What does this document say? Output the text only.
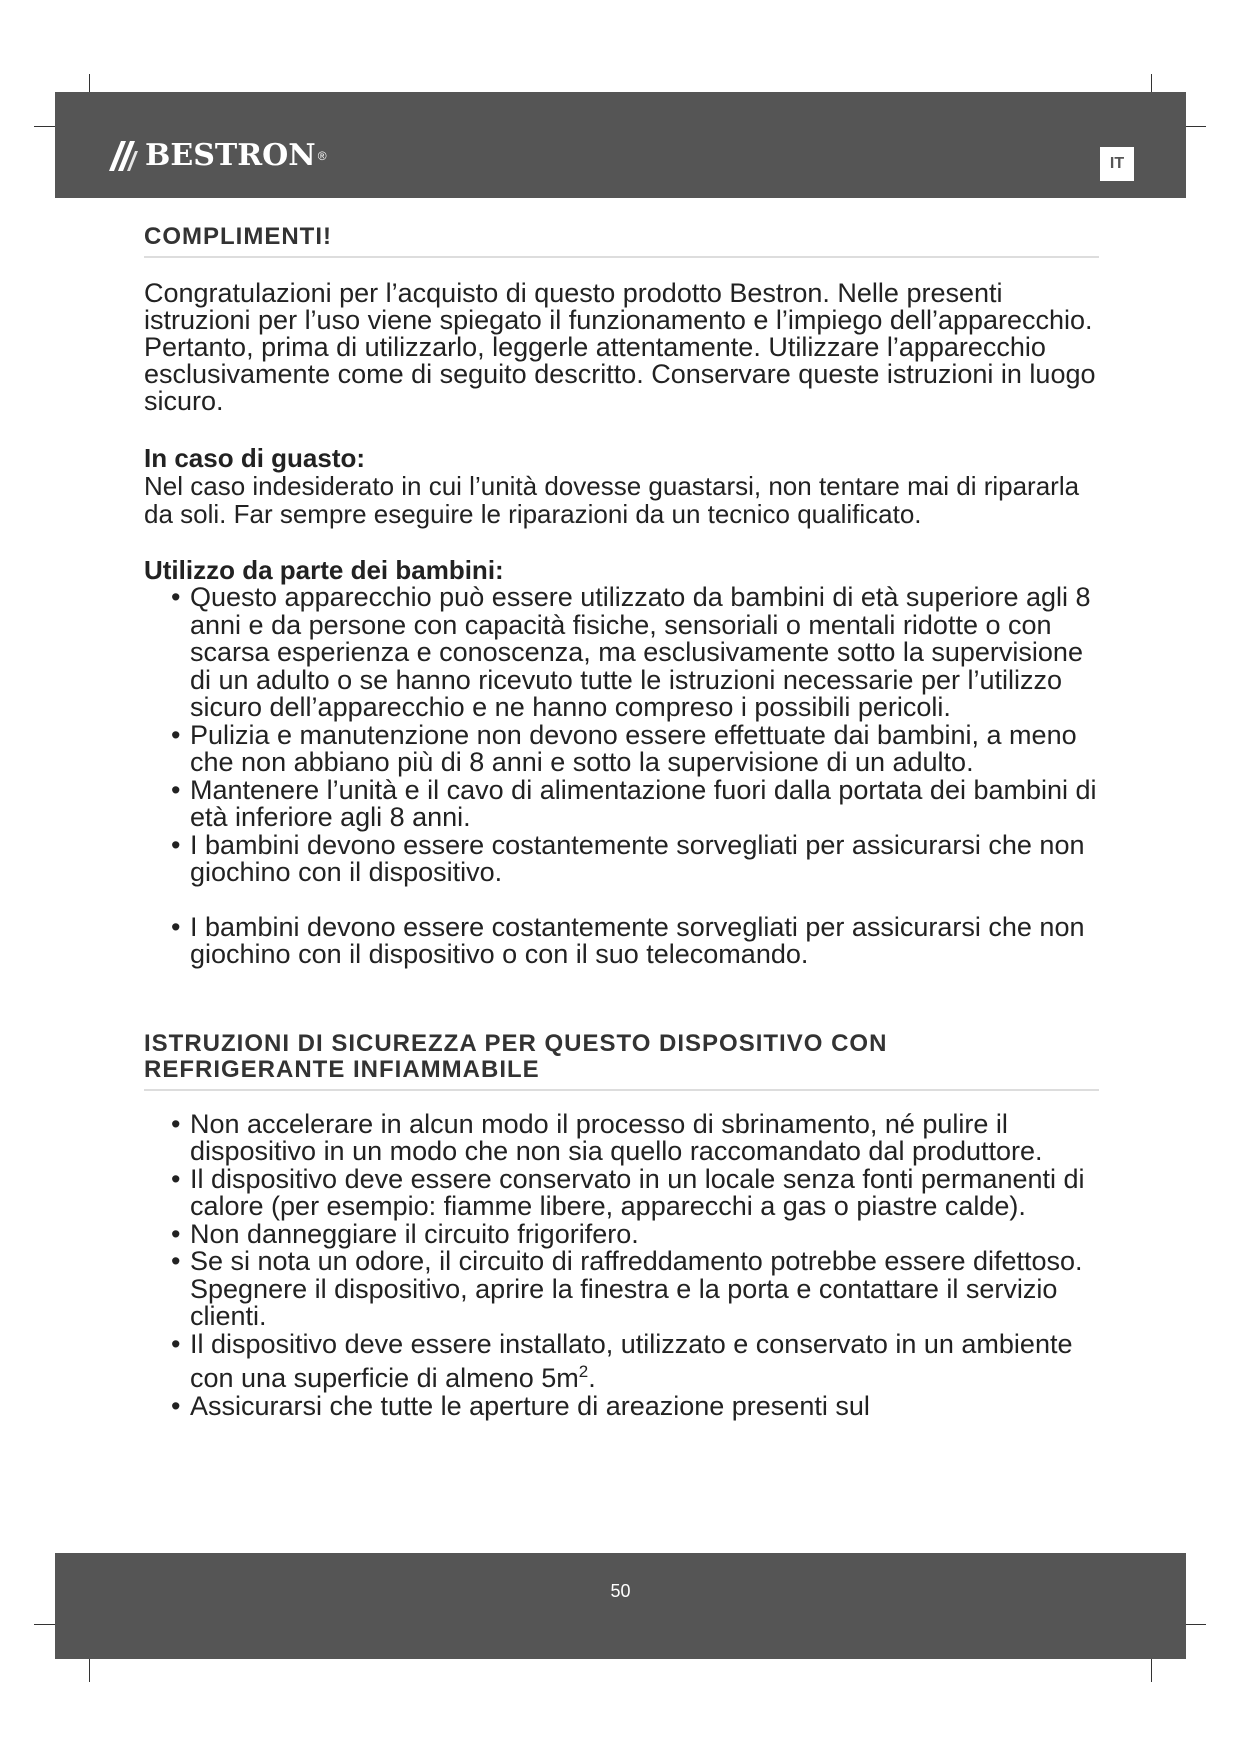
BESTRON ®	IT
COMPLIMENTI!

Congratulazioni per l’acquisto di questo prodotto Bestron. Nelle presenti istruzioni per l’uso viene spiegato il funzionamento e l’impiego dell’apparecchio. Pertanto, prima di utilizzarlo, leggerle attentamente. Utilizzare l’apparecchio esclusivamente come di seguito descritto. Conservare queste istruzioni in luogo sicuro.

In caso di guasto:

Nel caso indesiderato in cui l’unità dovesse guastarsi, non tentare mai di ripararla da soli. Far sempre eseguire le riparazioni da un tecnico qualificato.

Utilizzo da parte dei bambini:

• Questo apparecchio può essere utilizzato da bambini di età superiore agli 8 anni e da persone con capacità fisiche, sensoriali o mentali ridotte o con scarsa esperienza e conoscenza, ma esclusivamente sotto la supervisione di un adulto o se hanno ricevuto tutte le istruzioni necessarie per l’utilizzo sicuro dell’apparecchio e ne hanno compreso i possibili pericoli.
• Pulizia e manutenzione non devono essere effettuate dai bambini, a meno che non abbiano più di 8 anni e sotto la supervisione di un adulto.
• Mantenere l’unità e il cavo di alimentazione fuori dalla portata dei bambini di età inferiore agli 8 anni.
• I bambini devono essere costantemente sorvegliati per assicurarsi che non giochino con il dispositivo.
• I bambini devono essere costantemente sorvegliati per assicurarsi che non giochino con il dispositivo o con il suo telecomando.
ISTRUZIONI DI SICUREZZA PER QUESTO DISPOSITIVO CON
REFRIGERANTE INFIAMMABILE
• Non accelerare in alcun modo il processo di sbrinamento, né pulire il dispositivo in un modo che non sia quello raccomandato dal produttore.
• Il dispositivo deve essere conservato in un locale senza fonti permanenti di calore (per esempio: fiamme libere, apparecchi a gas o piastre calde).
• Non danneggiare il circuito frigorifero.
• Se si nota un odore, il circuito di raffreddamento potrebbe essere difettoso. Spegnere il dispositivo, aprire la finestra e la porta e contattare il servizio clienti.
• Il dispositivo deve essere installato, utilizzato e conservato in un ambiente con una superficie di almeno $5m^2$.
• Assicurarsi che tutte le aperture di areazione presenti sul
50
